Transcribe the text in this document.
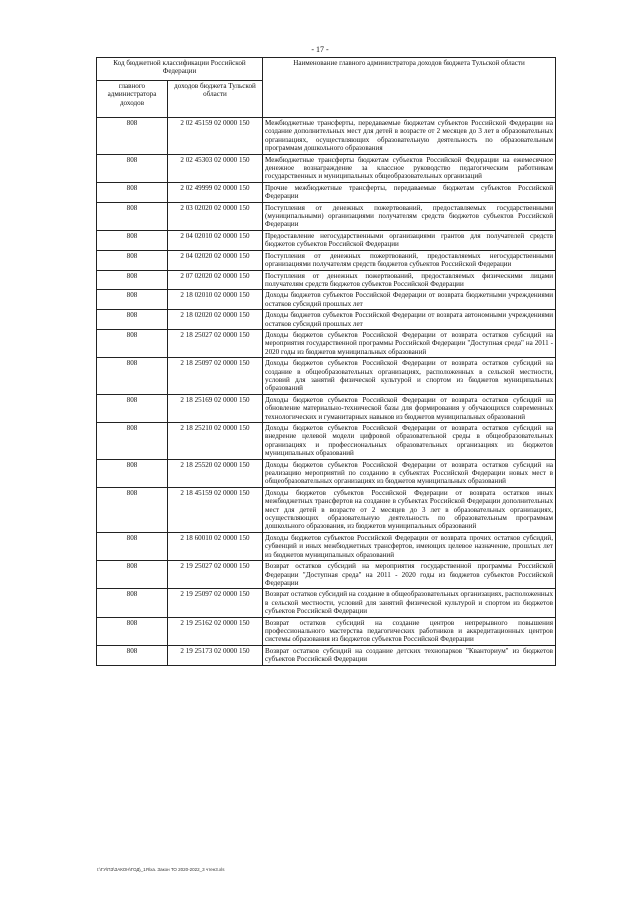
- 17 -
Код бюджетной классификации Российской Федерации		Наименование главного администратора доходов бюджета Тульской области
главного администратора доходов	доходов бюджета Тульской области	
808	2 02 45159 02 0000 150	Межбюджетные трансферты, передаваемые бюджетам субъектов Российской Федерации на создание дополнительных мест для детей в возрасте от 2 месяцев до 3 лет в образовательных организациях, осуществляющих образовательную деятельность по образовательным программам дошкольного образования
808	2 02 45303 02 0000 150	Межбюджетные трансферты бюджетам субъектов Российской Федерации на ежемесячное денежное вознаграждение за классное руководство педагогическим работникам государственных и муниципальных общеобразовательных организаций
808	2 02 49999 02 0000 150	Прочие межбюджетные трансферты, передаваемые бюджетам субъектов Российской Федерации
808	2 03 02020 02 0000 150	Поступления от денежных пожертвований, предоставляемых государственными (муниципальными) организациями получателям средств бюджетов субъектов Российской Федерации
808	2 04 02010 02 0000 150	Предоставление негосударственными организациями грантов для получателей средств бюджетов субъектов Российской Федерации
808	2 04 02020 02 0000 150	Поступления от денежных пожертвований, предоставляемых негосударственными организациями получателям средств бюджетов субъектов Российской Федерации
808	2 07 02020 02 0000 150	Поступления от денежных пожертвований, предоставляемых физическими лицами получателям средств бюджетов субъектов Российской Федерации
808	2 18 02010 02 0000 150	Доходы бюджетов субъектов Российской Федерации от возврата бюджетными учреждениями остатков субсидий прошлых лет
808	2 18 02020 02 0000 150	Доходы бюджетов субъектов Российской Федерации от возврата автономными учреждениями остатков субсидий прошлых лет
808	2 18 25027 02 0000 150	Доходы бюджетов субъектов Российской Федерации от возврата остатков субсидий на мероприятия государственной программы Российской Федерации "Доступная среда" на 2011 - 2020 годы из бюджетов муниципальных образований
808	2 18 25097 02 0000 150	Доходы бюджетов субъектов Российской Федерации от возврата остатков субсидий на создание в общеобразовательных организациях, расположенных в сельской местности, условий для занятий физической культурой и спортом из бюджетов муниципальных образований
808	2 18 25169 02 0000 150	Доходы бюджетов субъектов Российской Федерации от возврата остатков субсидий на обновление материально-технической базы для формирования у обучающихся современных технологических и гуманитарных навыков из бюджетов муниципальных образований
808	2 18 25210 02 0000 150	Доходы бюджетов субъектов Российской Федерации от возврата остатков субсидий на внедрение целевой модели цифровой образовательной среды в общеобразовательных организациях и профессиональных образовательных организациях из бюджетов муниципальных образований
808	2 18 25520 02 0000 150	Доходы бюджетов субъектов Российской Федерации от возврата остатков субсидий на реализацию мероприятий по созданию в субъектах Российской Федерации новых мест в общеобразовательных организациях из бюджетов муниципальных образований
808	2 18 45159 02 0000 150	Доходы бюджетов субъектов Российской Федерации от возврата остатков иных межбюджетных трансфертов на создание в субъектах Российской Федерации дополнительных мест для детей в возрасте от 2 месяцев до 3 лет в образовательных организациях, осуществляющих образовательную деятельность по образовательным программам дошкольного образования, из бюджетов муниципальных образований
808	2 18 60010 02 0000 150	Доходы бюджетов субъектов Российской Федерации от возврата прочих остатков субсидий, субвенций и иных межбюджетных трансфертов, имеющих целевое назначение, прошлых лет из бюджетов муниципальных образований
808	2 19 25027 02 0000 150	Возврат остатков субсидий на мероприятия государственной программы Российской Федерации "Доступная среда" на 2011 - 2020 годы из бюджетов субъектов Российской Федерации
808	2 19 25097 02 0000 150	Возврат остатков субсидий на создание в общеобразовательных организациях, расположенных в сельской местности, условий для занятий физической культурой и спортом из бюджетов субъектов Российской Федерации
808	2 19 25162 02 0000 150	Возврат остатков субсидий на создание центров непрерывного повышения профессионального мастерства педагогических работников и аккредитационных центров системы образования из бюджетов субъектов Российской Федерации
808	2 19 25173 02 0000 150	Возврат остатков субсидий на создание детских технопарков "Кванториум" из бюджетов субъектов Российской Федерации
I:\ГУ\ПЗ\ЗАКОН\ГОД\_1Я\ха. Закон ТО 2020-2022_3 чтен3.xls
